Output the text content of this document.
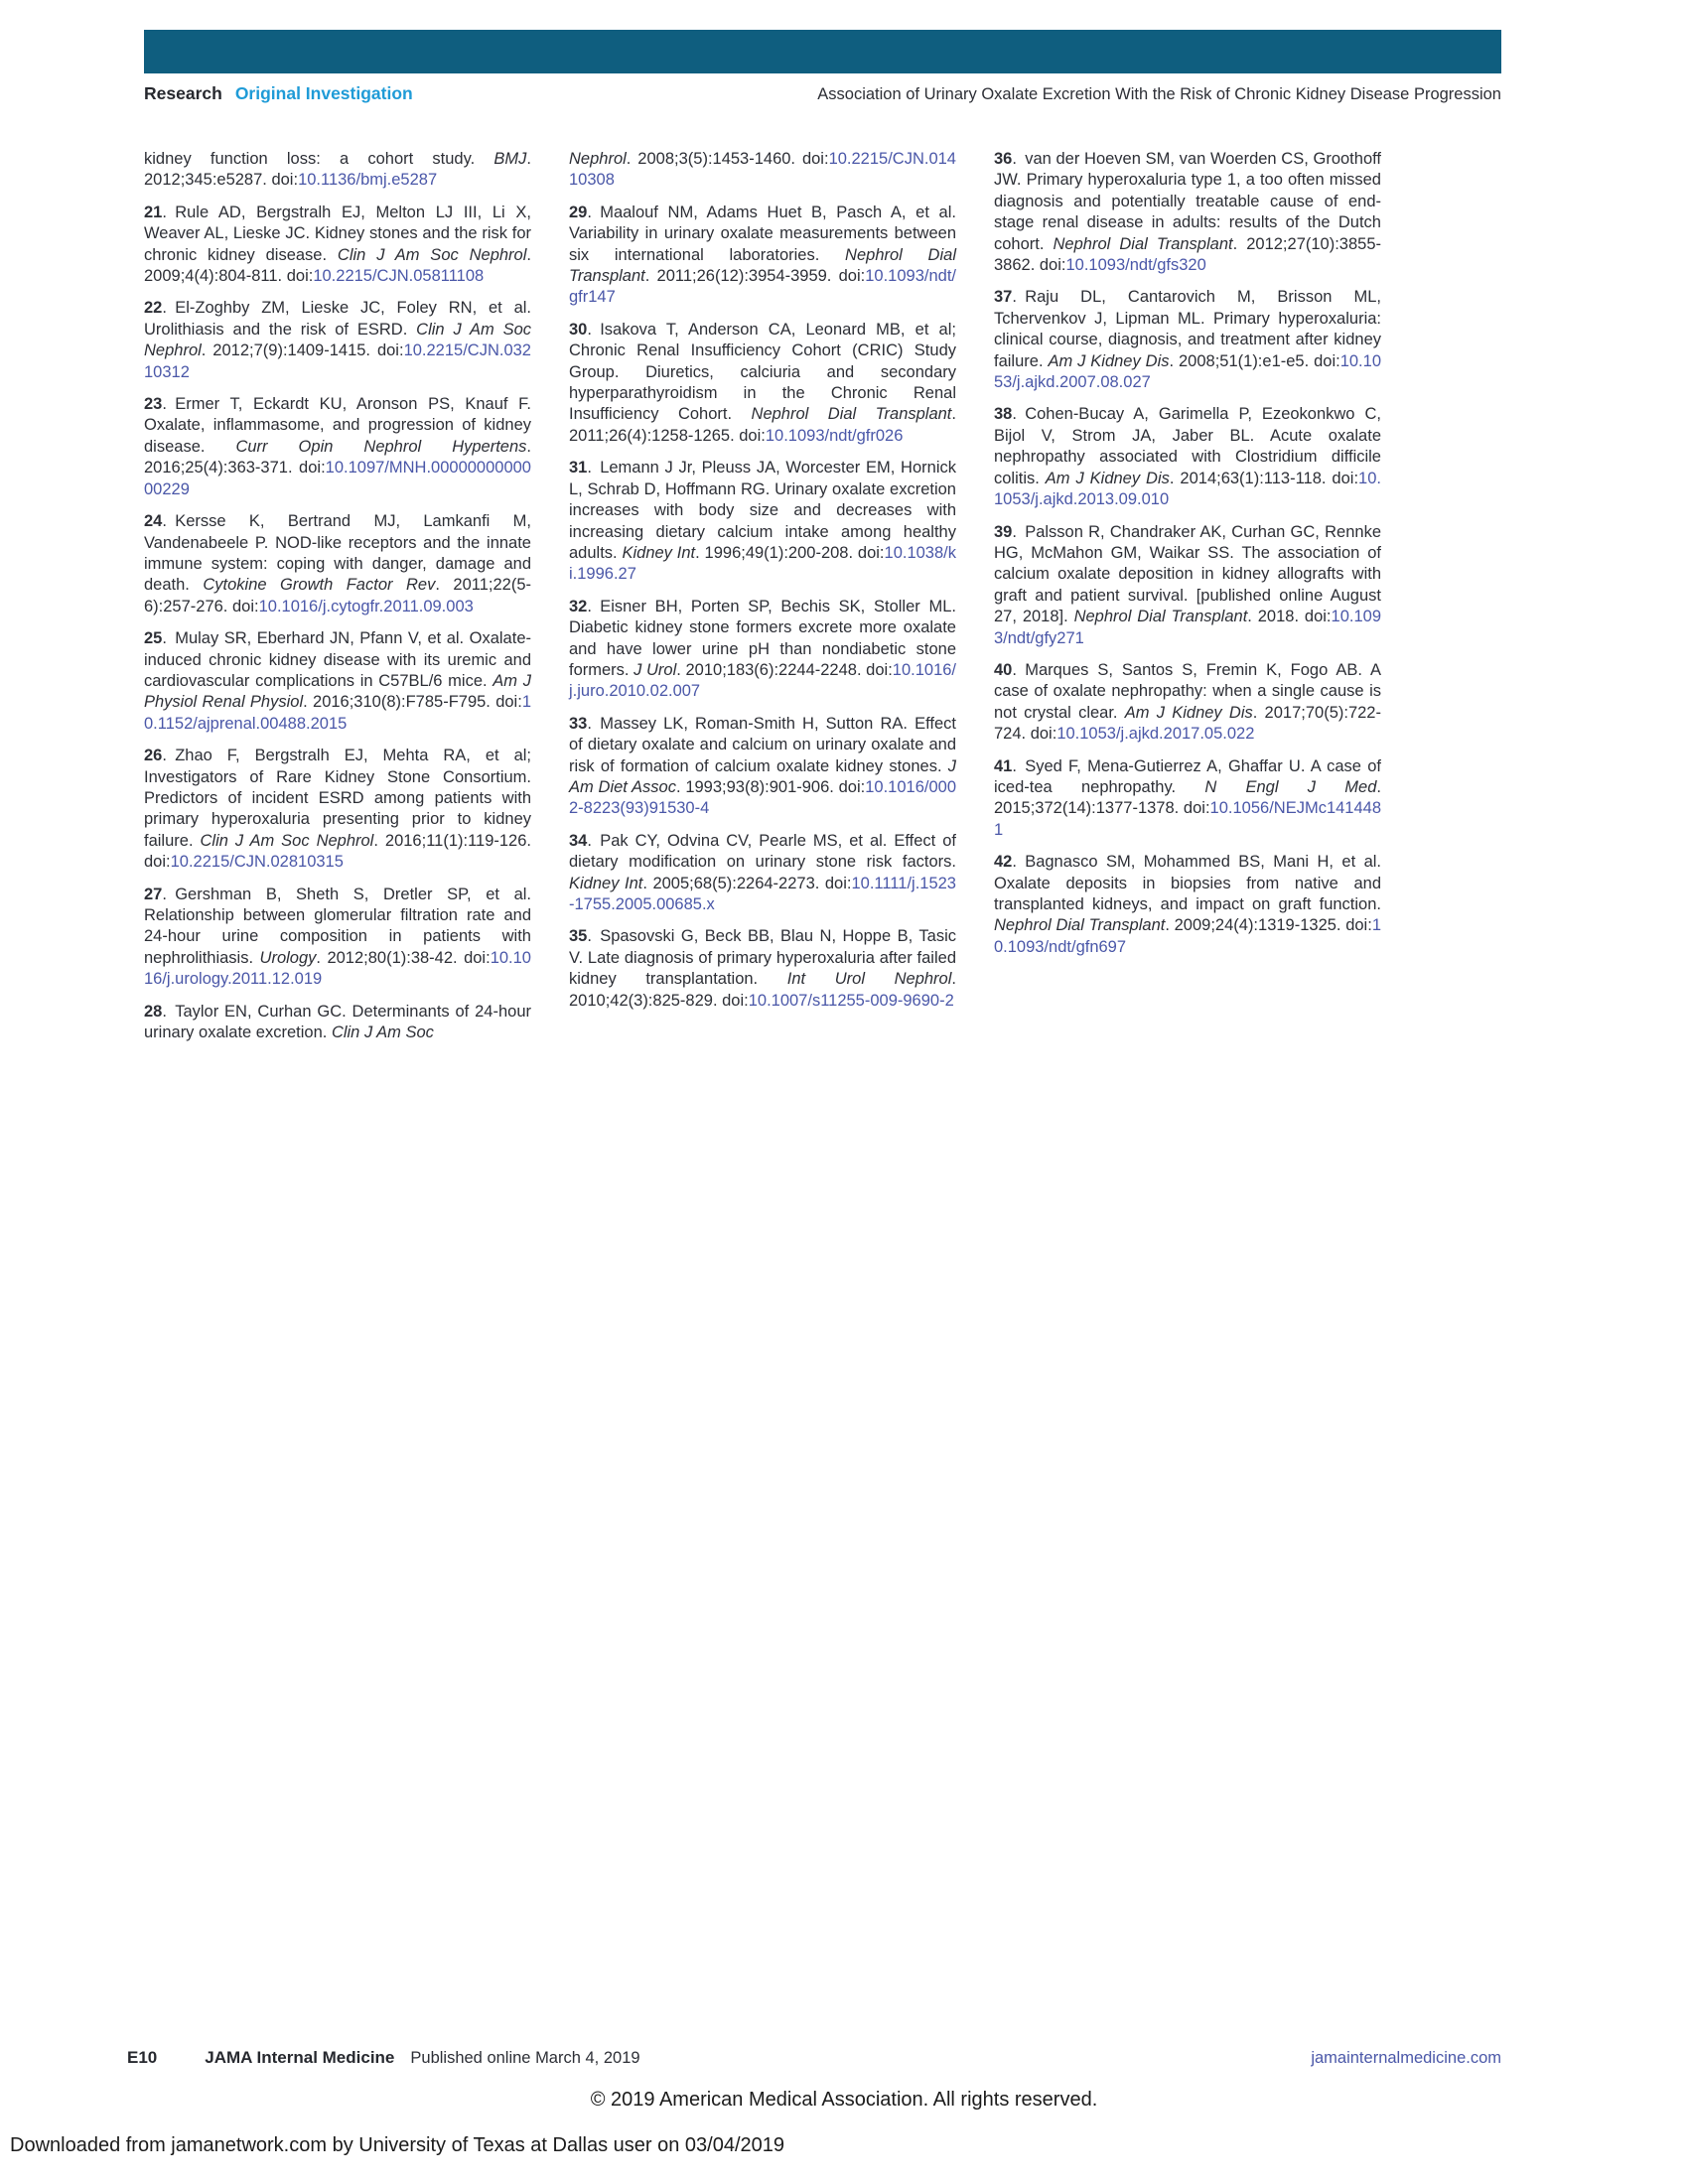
Research Original Investigation	Association of Urinary Oxalate Excretion With the Risk of Chronic Kidney Disease Progression

kidney function loss: a cohort study. BMJ. 2012;345:e5287. doi:10.1136/bmj.e5287

21. Rule AD, Bergstralh EJ, Melton LJ III, Li X, Weaver AL, Lieske JC. Kidney stones and the risk for chronic kidney disease. Clin J Am Soc Nephrol. 2009;4(4):804-811. doi:10.2215/CJN.05811108

22. El-Zoghby ZM, Lieske JC, Foley RN, et al. Urolithiasis and the risk of ESRD. Clin J Am Soc Nephrol. 2012;7(9):1409-1415. doi:10.2215/CJN.03210312

23. Ermer T, Eckardt KU, Aronson PS, Knauf F. Oxalate, inflammasome, and progression of kidney disease. Curr Opin Nephrol Hypertens. 2016;25(4):363-371. doi:10.1097/MNH.0000000000000229

24. Kersse K, Bertrand MJ, Lamkanfi M, Vandenabeele P. NOD-like receptors and the innate immune system: coping with danger, damage and death. Cytokine Growth Factor Rev. 2011;22(5-6):257-276. doi:10.1016/j.cytogfr.2011.09.003

25. Mulay SR, Eberhard JN, Pfann V, et al. Oxalate-induced chronic kidney disease with its uremic and cardiovascular complications in C57BL/6 mice. Am J Physiol Renal Physiol. 2016;310(8):F785-F795. doi:10.1152/ajprenal.00488.2015

26. Zhao F, Bergstralh EJ, Mehta RA, et al; Investigators of Rare Kidney Stone Consortium. Predictors of incident ESRD among patients with primary hyperoxaluria presenting prior to kidney failure. Clin J Am Soc Nephrol. 2016;11(1):119-126. doi:10.2215/CJN.02810315

27. Gershman B, Sheth S, Dretler SP, et al. Relationship between glomerular filtration rate and 24-hour urine composition in patients with nephrolithiasis. Urology. 2012;80(1):38-42. doi:10.1016/j.urology.2011.12.019

28. Taylor EN, Curhan GC. Determinants of 24-hour urinary oxalate excretion. Clin J Am Soc

Nephrol. 2008;3(5):1453-1460. doi:10.2215/CJN.01410308

29. Maalouf NM, Adams Huet B, Pasch A, et al. Variability in urinary oxalate measurements between six international laboratories. Nephrol Dial Transplant. 2011;26(12):3954-3959. doi:10.1093/ndt/gfr147

30. Isakova T, Anderson CA, Leonard MB, et al; Chronic Renal Insufficiency Cohort (CRIC) Study Group. Diuretics, calciuria and secondary hyperparathyroidism in the Chronic Renal Insufficiency Cohort. Nephrol Dial Transplant. 2011;26(4):1258-1265. doi:10.1093/ndt/gfr026

31. Lemann J Jr, Pleuss JA, Worcester EM, Hornick L, Schrab D, Hoffmann RG. Urinary oxalate excretion increases with body size and decreases with increasing dietary calcium intake among healthy adults. Kidney Int. 1996;49(1):200-208. doi:10.1038/ki.1996.27

32. Eisner BH, Porten SP, Bechis SK, Stoller ML. Diabetic kidney stone formers excrete more oxalate and have lower urine pH than nondiabetic stone formers. J Urol. 2010;183(6):2244-2248. doi:10.1016/j.juro.2010.02.007

33. Massey LK, Roman-Smith H, Sutton RA. Effect of dietary oxalate and calcium on urinary oxalate and risk of formation of calcium oxalate kidney stones. J Am Diet Assoc. 1993;93(8):901-906. doi:10.1016/0002-8223(93)91530-4

34. Pak CY, Odvina CV, Pearle MS, et al. Effect of dietary modification on urinary stone risk factors. Kidney Int. 2005;68(5):2264-2273. doi:10.1111/j.1523-1755.2005.00685.x

35. Spasovski G, Beck BB, Blau N, Hoppe B, Tasic V. Late diagnosis of primary hyperoxaluria after failed kidney transplantation. Int Urol Nephrol. 2010;42(3):825-829. doi:10.1007/s11255-009-9690-2

36. van der Hoeven SM, van Woerden CS, Groothoff JW. Primary hyperoxaluria type 1, a too often missed diagnosis and potentially treatable cause of end-stage renal disease in adults: results of the Dutch cohort. Nephrol Dial Transplant. 2012;27(10):3855-3862. doi:10.1093/ndt/gfs320

37. Raju DL, Cantarovich M, Brisson ML, Tchervenkov J, Lipman ML. Primary hyperoxaluria: clinical course, diagnosis, and treatment after kidney failure. Am J Kidney Dis. 2008;51(1):e1-e5. doi:10.1053/j.ajkd.2007.08.027

38. Cohen-Bucay A, Garimella P, Ezeokonkwo C, Bijol V, Strom JA, Jaber BL. Acute oxalate nephropathy associated with Clostridium difficile colitis. Am J Kidney Dis. 2014;63(1):113-118. doi:10.1053/j.ajkd.2013.09.010

39. Palsson R, Chandraker AK, Curhan GC, Rennke HG, McMahon GM, Waikar SS. The association of calcium oxalate deposition in kidney allografts with graft and patient survival. [published online August 27, 2018]. Nephrol Dial Transplant. 2018. doi:10.1093/ndt/gfy271

40. Marques S, Santos S, Fremin K, Fogo AB. A case of oxalate nephropathy: when a single cause is not crystal clear. Am J Kidney Dis. 2017;70(5):722-724. doi:10.1053/j.ajkd.2017.05.022

41. Syed F, Mena-Gutierrez A, Ghaffar U. A case of iced-tea nephropathy. N Engl J Med. 2015;372(14):1377-1378. doi:10.1056/NEJMc1414481

42. Bagnasco SM, Mohammed BS, Mani H, et al. Oxalate deposits in biopsies from native and transplanted kidneys, and impact on graft function. Nephrol Dial Transplant. 2009;24(4):1319-1325. doi:10.1093/ndt/gfn697

E10	JAMA Internal Medicine Published online March 4, 2019	jamainternalmedicine.com
© 2019 American Medical Association. All rights reserved.
Downloaded from jamanetwork.com by University of Texas at Dallas user on 03/04/2019
